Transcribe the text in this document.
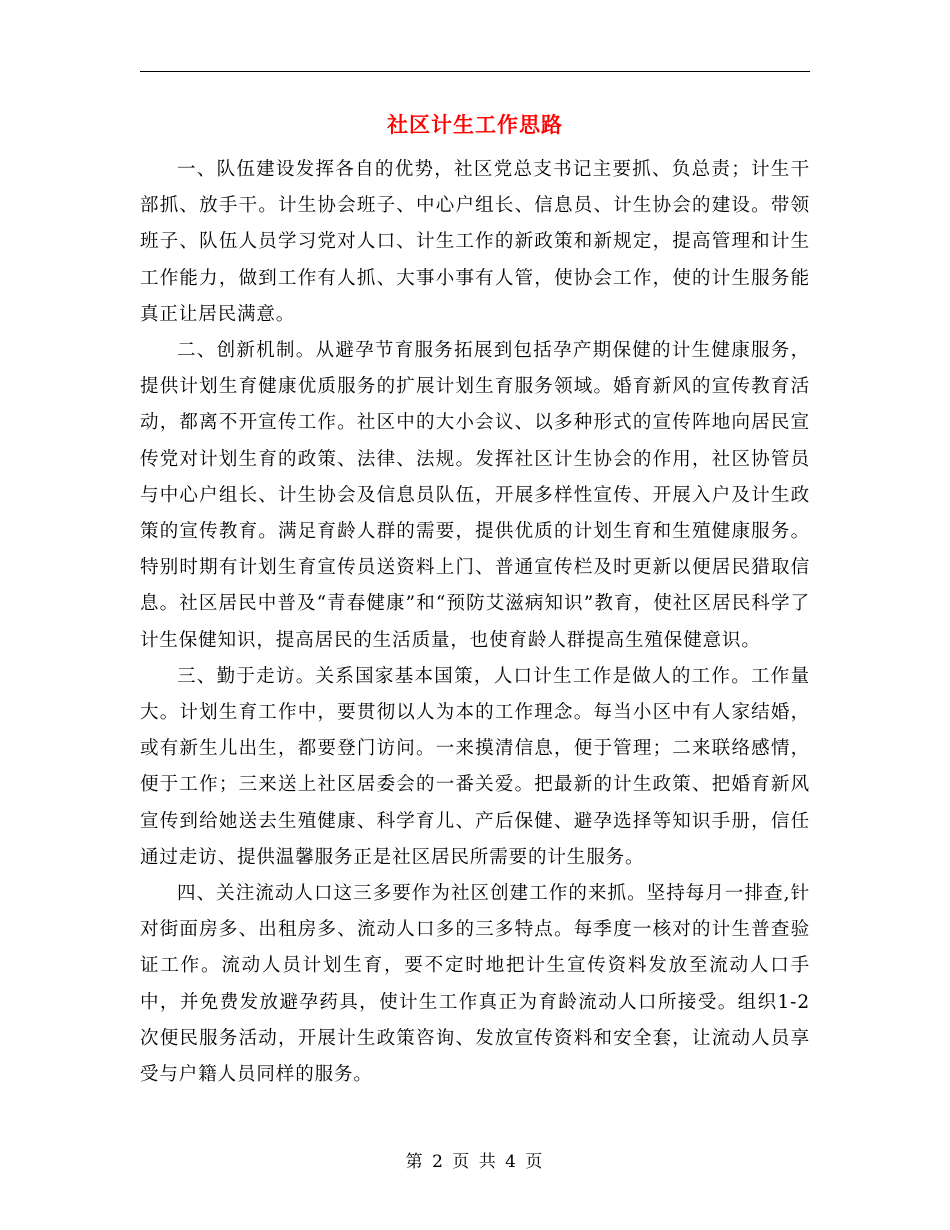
社区计生工作思路

一、队伍建设发挥各自的优势，社区党总支书记主要抓、负总责；计生干部抓、放手干。计生协会班子、中心户组长、信息员、计生协会的建设。带领班子、队伍人员学习党对人口、计生工作的新政策和新规定，提高管理和计生工作能力，做到工作有人抓、大事小事有人管，使协会工作，使的计生服务能真正让居民满意。

二、创新机制。从避孕节育服务拓展到包括孕产期保健的计生健康服务，提供计划生育健康优质服务的扩展计划生育服务领域。婚育新风的宣传教育活动，都离不开宣传工作。社区中的大小会议、以多种形式的宣传阵地向居民宣传党对计划生育的政策、法律、法规。发挥社区计生协会的作用，社区协管员与中心户组长、计生协会及信息员队伍，开展多样性宣传、开展入户及计生政策的宣传教育。满足育龄人群的需要，提供优质的计划生育和生殖健康服务。特别时期有计划生育宣传员送资料上门、普通宣传栏及时更新以便居民猎取信息。社区居民中普及“青春健康”和“预防艾滋病知识”教育，使社区居民科学了计生保健知识，提高居民的生活质量，也使育龄人群提高生殖保健意识。

三、勤于走访。关系国家基本国策，人口计生工作是做人的工作。工作量大。计划生育工作中，要贯彻以人为本的工作理念。每当小区中有人家结婚，或有新生儿出生，都要登门访问。一来摸清信息，便于管理；二来联络感情，便于工作；三来送上社区居委会的一番关爱。把最新的计生政策、把婚育新风宣传到给她送去生殖健康、科学育儿、产后保健、避孕选择等知识手册，信任通过走访、提供温馨服务正是社区居民所需要的计生服务。

四、关注流动人口这三多要作为社区创建工作的来抓。坚持每月一排查,针对街面房多、出租房多、流动人口多的三多特点。每季度一核对的计生普查验证工作。流动人员计划生育，要不定时地把计生宣传资料发放至流动人口手中，并免费发放避孕药具，使计生工作真正为育龄流动人口所接受。组织1-2次便民服务活动，开展计生政策咨询、发放宣传资料和安全套，让流动人员享受与户籍人员同样的服务。

第 2 页 共 4 页
